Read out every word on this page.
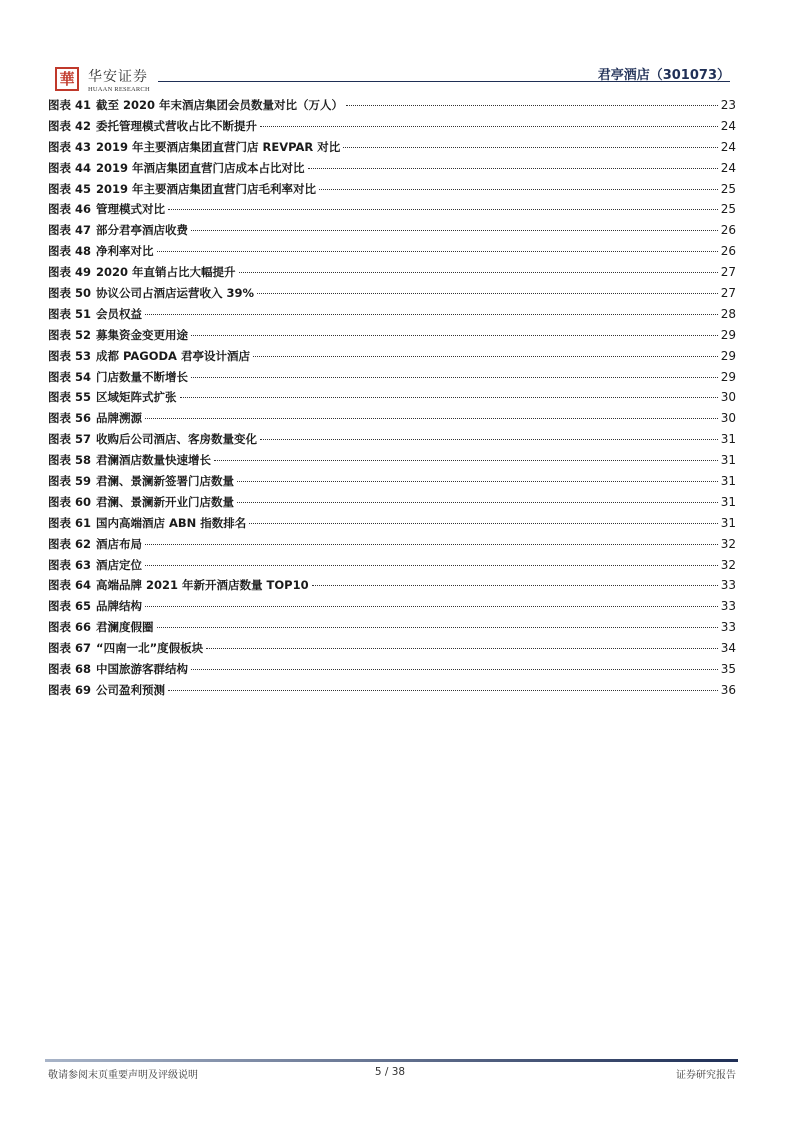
華 华安证券
HUAAN RESEARCH
君亭酒店（301073）
图表 41 截至 2020 年末酒店集团会员数量对比（万人）	23
图表 42 委托管理模式营收占比不断提升	24
图表 43 2019 年主要酒店集团直营门店 REVPAR 对比	24
图表 44 2019 年酒店集团直营门店成本占比对比	24
图表 45 2019 年主要酒店集团直营门店毛利率对比	25
图表 46 管理模式对比	25
图表 47 部分君亭酒店收费	26
图表 48 净利率对比	26
图表 49 2020 年直销占比大幅提升	27
图表 50 协议公司占酒店运营收入 39%	27
图表 51 会员权益	28
图表 52 募集资金变更用途	29
图表 53 成都 PAGODA 君亭设计酒店	29
图表 54 门店数量不断增长	29
图表 55 区域矩阵式扩张	30
图表 56 品牌溯源	30
图表 57 收购后公司酒店、客房数量变化	31
图表 58 君澜酒店数量快速增长	31
图表 59 君澜、景澜新签署门店数量	31
图表 60 君澜、景澜新开业门店数量	31
图表 61 国内高端酒店 ABN 指数排名	31
图表 62 酒店布局	32
图表 63 酒店定位	32
图表 64 高端品牌 2021 年新开酒店数量 TOP10	33
图表 65 品牌结构	33
图表 66 君澜度假圈	33
图表 67 “四南一北”度假板块	34
图表 68 中国旅游客群结构	35
图表 69 公司盈利预测	36
敬请参阅末页重要声明及评级说明	5 / 38	证券研究报告
